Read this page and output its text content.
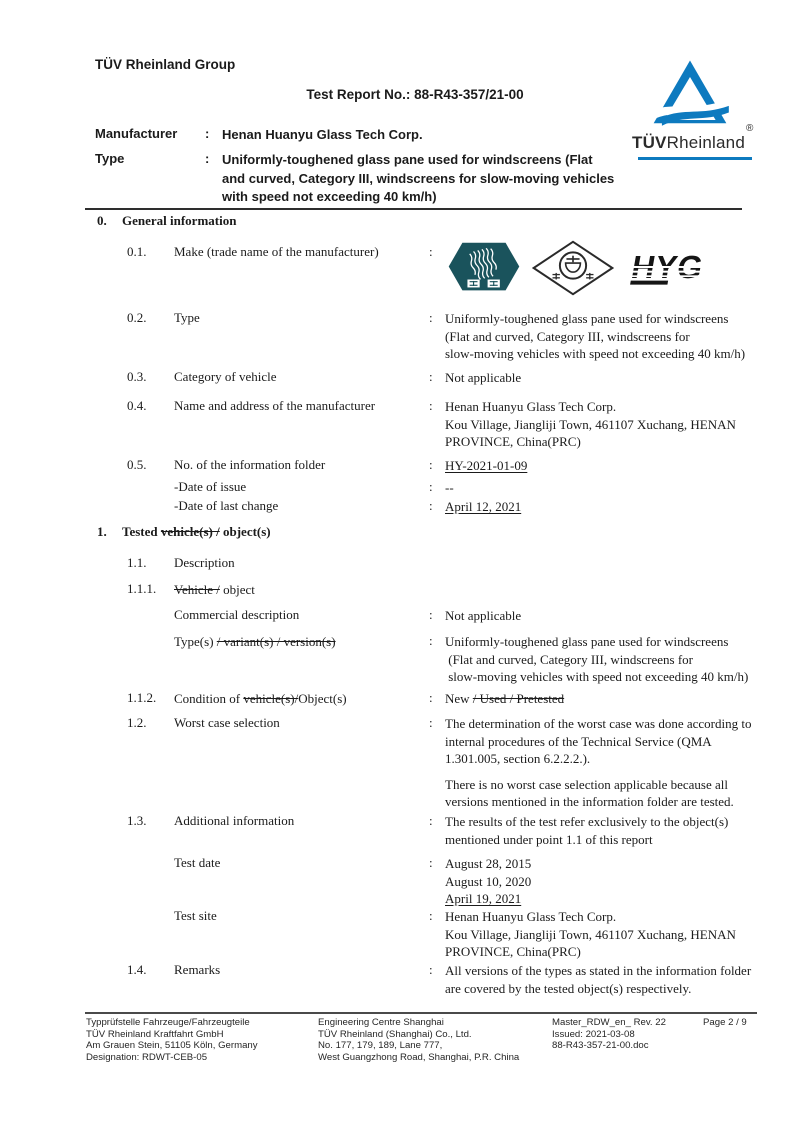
TÜV Rheinland Group
Test Report No.: 88-R43-357/21-00
Manufacturer : Henan Huanyu Glass Tech Corp.
Type	: Uniformly-toughened glass pane used for windscreens (Flat
and curved, Category III, windscreens for slow-moving vehicles
with speed not exceeding 40 km/h)
TÜVRheinland
®
0. General information
0.1. Make (trade name of the manufacturer)	:
0.2. Type	: Uniformly-toughened glass pane used for windscreens
(Flat and curved, Category III, windscreens for
slow-moving vehicles with speed not exceeding 40 km/h)
0.3. Category of vehicle	: Not applicable
0.4. Name and address of the manufacturer	: Henan Huanyu Glass Tech Corp.
Kou Village, Jiangliji Town, 461107 Xuchang, HENAN
PROVINCE, China(PRC)
0.5. No. of the information folder	: HY-2021-01-09
-Date of issue	: --
-Date of last change	: April 12, 2021
1. Tested vehicle(s) / object(s)
1.1. Description
1.1.1. Vehicle / object
Commercial description	: Not applicable
Type(s) / variant(s) / version(s)	: Uniformly-toughened glass pane used for windscreens
(Flat and curved, Category III, windscreens for
slow-moving vehicles with speed not exceeding 40 km/h)
1.1.2. Condition of vehicle(s)/Object(s)	: New / Used / Pretested
1.2. Worst case selection	: The determination of the worst case was done according to
internal procedures of the Technical Service (QMA
1.301.005, section 6.2.2.2.).
There is no worst case selection applicable because all
versions mentioned in the information folder are tested.
1.3. Additional information	: The results of the test refer exclusively to the object(s)
mentioned under point 1.1 of this report
Test date	: August 28, 2015
August 10, 2020
April 19, 2021
Test site	: Henan Huanyu Glass Tech Corp.
Kou Village, Jiangliji Town, 461107 Xuchang, HENAN
PROVINCE, China(PRC)
1.4. Remarks	: All versions of the types as stated in the information folder
are covered by the tested object(s) respectively.
Typprüfstelle Fahrzeuge/Fahrzeugteile
TÜV Rheinland Kraftfahrt GmbH
Am Grauen Stein, 51105 Köln, Germany
Designation: RDWT-CEB-05
Engineering Centre Shanghai
TÜV Rheinland (Shanghai) Co., Ltd.
No. 177, 179, 189, Lane 777,
West Guangzhong Road, Shanghai, P.R. China
Master_RDW_en_ Rev. 22
Issued: 2021-03-08
88-R43-357-21-00.doc
Page 2 / 9
